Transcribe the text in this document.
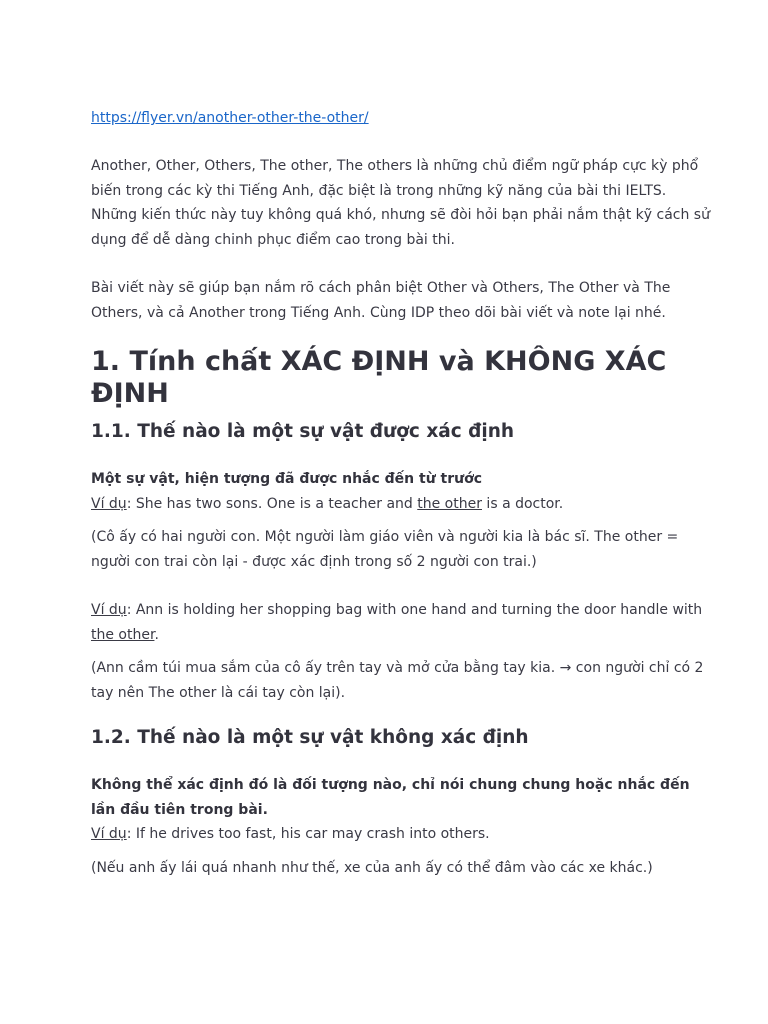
https://flyer.vn/another-other-the-other/

Another, Other, Others, The other, The others là những chủ điểm ngữ pháp cực kỳ phổ biến trong các kỳ thi Tiếng Anh, đặc biệt là trong những kỹ năng của bài thi IELTS. Những kiến thức này tuy không quá khó, nhưng sẽ đòi hỏi bạn phải nắm thật kỹ cách sử dụng để dễ dàng chinh phục điểm cao trong bài thi.

Bài viết này sẽ giúp bạn nắm rõ cách phân biệt Other và Others, The Other và The Others, và cả Another trong Tiếng Anh. Cùng IDP theo dõi bài viết và note lại nhé.

1. Tính chất XÁC ĐỊNH và KHÔNG XÁC ĐỊNH
1.1. Thế nào là một sự vật được xác định

Một sự vật, hiện tượng đã được nhắc đến từ trước

Ví dụ: She has two sons. One is a teacher and the other is a doctor.

(Cô ấy có hai người con. Một người làm giáo viên và người kia là bác sĩ. The other = người con trai còn lại - được xác định trong số 2 người con trai.)

Ví dụ: Ann is holding her shopping bag with one hand and turning the door handle with the other.

(Ann cầm túi mua sắm của cô ấy trên tay và mở cửa bằng tay kia. → con người chỉ có 2 tay nên The other là cái tay còn lại).

1.2. Thế nào là một sự vật không xác định

Không thể xác định đó là đối tượng nào, chỉ nói chung chung hoặc nhắc đến lần đầu tiên trong bài.

Ví dụ: If he drives too fast, his car may crash into others.

(Nếu anh ấy lái quá nhanh như thế, xe của anh ấy có thể đâm vào các xe khác.)
